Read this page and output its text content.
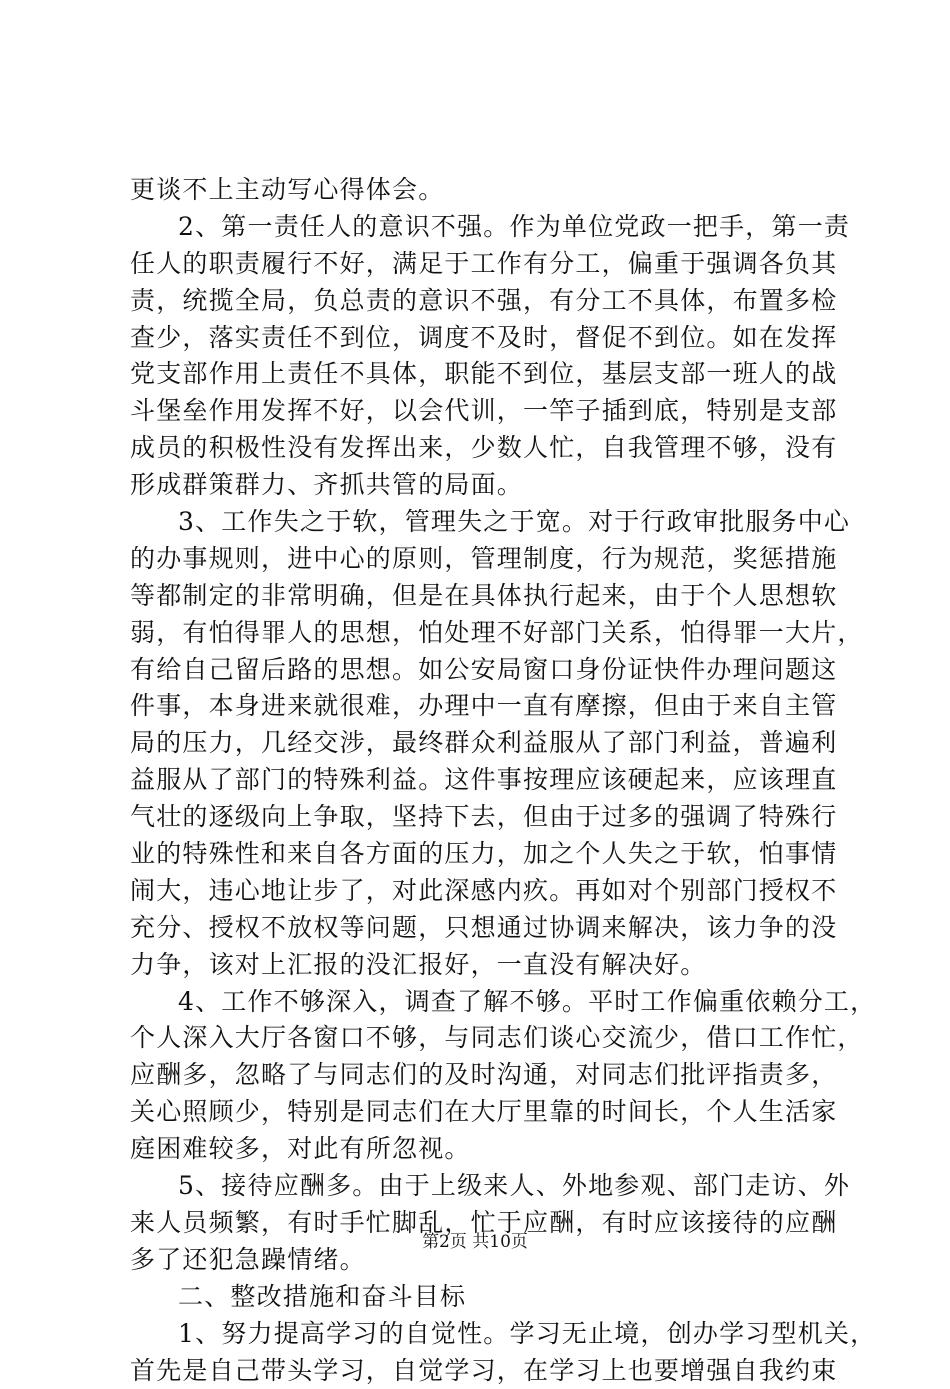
更谈不上主动写心得体会。
2、第一责任人的意识不强。作为单位党政一把手，第一责
任人的职责履行不好，满足于工作有分工，偏重于强调各负其
责，统揽全局，负总责的意识不强，有分工不具体，布置多检
查少，落实责任不到位，调度不及时，督促不到位。如在发挥
党支部作用上责任不具体，职能不到位，基层支部一班人的战
斗堡垒作用发挥不好，以会代训，一竿子插到底，特别是支部
成员的积极性没有发挥出来，少数人忙，自我管理不够，没有
形成群策群力、齐抓共管的局面。
3、工作失之于软，管理失之于宽。对于行政审批服务中心
的办事规则，进中心的原则，管理制度，行为规范，奖惩措施
等都制定的非常明确，但是在具体执行起来，由于个人思想软
弱，有怕得罪人的思想，怕处理不好部门关系，怕得罪一大片，
有给自己留后路的思想。如公安局窗口身份证快件办理问题这
件事，本身进来就很难，办理中一直有摩擦，但由于来自主管
局的压力，几经交涉，最终群众利益服从了部门利益，普遍利
益服从了部门的特殊利益。这件事按理应该硬起来，应该理直
气壮的逐级向上争取，坚持下去，但由于过多的强调了特殊行
业的特殊性和来自各方面的压力，加之个人失之于软，怕事情
闹大，违心地让步了，对此深感内疚。再如对个别部门授权不
充分、授权不放权等问题，只想通过协调来解决，该力争的没
力争，该对上汇报的没汇报好，一直没有解决好。
4、工作不够深入，调查了解不够。平时工作偏重依赖分工，
个人深入大厅各窗口不够，与同志们谈心交流少，借口工作忙，
应酬多，忽略了与同志们的及时沟通，对同志们批评指责多，
关心照顾少，特别是同志们在大厅里靠的时间长，个人生活家
庭困难较多，对此有所忽视。
5、接待应酬多。由于上级来人、外地参观、部门走访、外
来人员频繁，有时手忙脚乱，忙于应酬，有时应该接待的应酬
多了还犯急躁情绪。
二、整改措施和奋斗目标
1、努力提高学习的自觉性。学习无止境，创办学习型机关，
首先是自己带头学习，自觉学习，在学习上也要增强自我约束
第2页 共10页
